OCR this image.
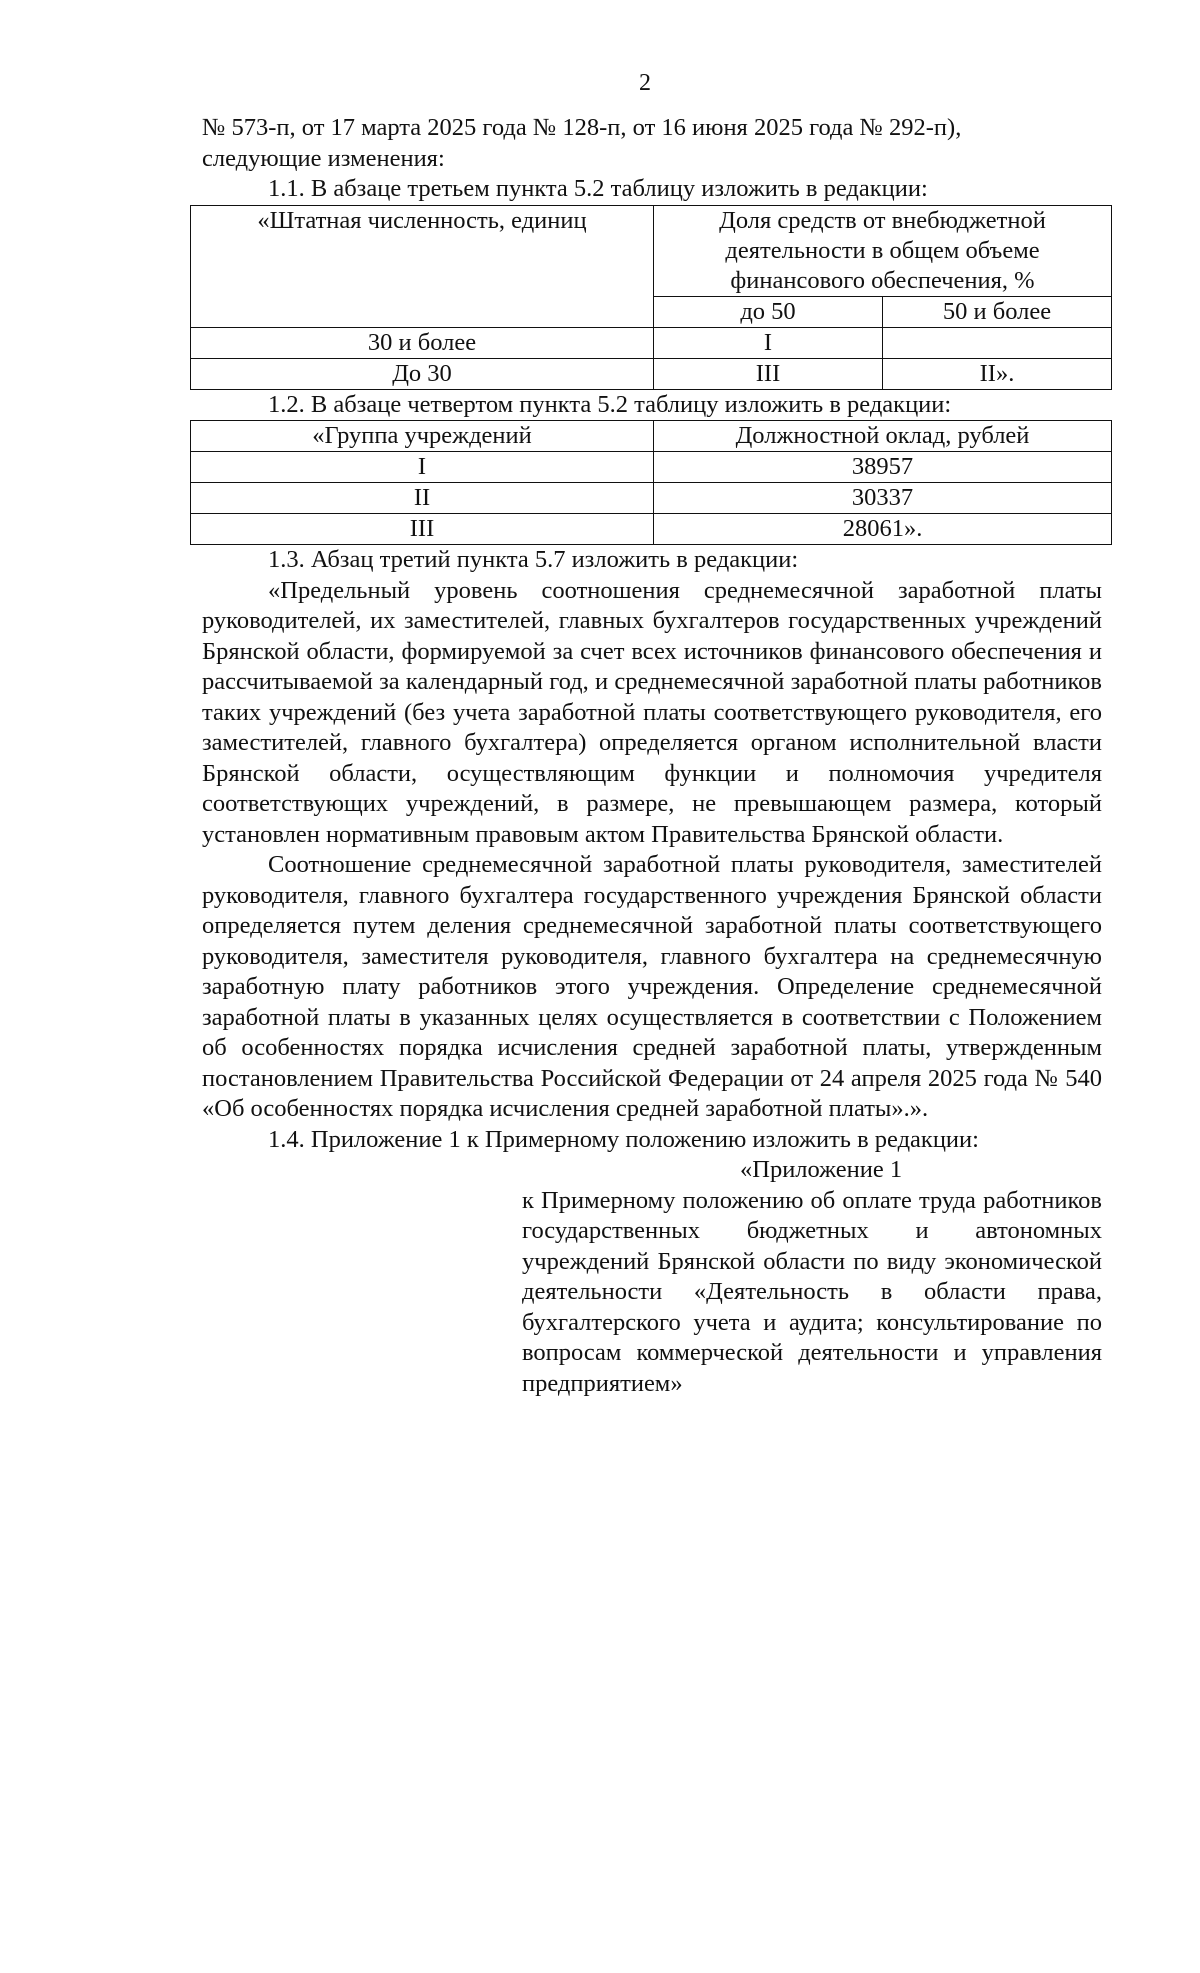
2

№ 573-п, от 17 марта 2025 года № 128-п, от 16 июня 2025 года № 292-п),

следующие изменения:

1.1. В абзаце третьем пункта 5.2 таблицу изложить в редакции:

«Штатная численность, единиц	Доля средств от внебюджетной деятельности в общем объеме финансового обеспечения, %	
	до 50	50 и более
30 и более	I	
До 30	III	II».

1.2. В абзаце четвертом пункта 5.2 таблицу изложить в редакции:

«Группа учреждений	Должностной оклад, рублей
I	38957
II	30337
III	28061».

1.3. Абзац третий пункта 5.7 изложить в редакции:

«Предельный уровень соотношения среднемесячной заработной платы руководителей, их заместителей, главных бухгалтеров государственных учреждений Брянской области, формируемой за счет всех источников финансового обеспечения и рассчитываемой за календарный год, и среднемесячной заработной платы работников таких учреждений (без учета заработной платы соответствующего руководителя, его заместителей, главного бухгалтера) определяется органом исполнительной власти Брянской области, осуществляющим функции и полномочия учредителя соответствующих учреждений, в размере, не превышающем размера, который установлен нормативным правовым актом Правительства Брянской области.

Соотношение среднемесячной заработной платы руководителя, заместителей руководителя, главного бухгалтера государственного учреждения Брянской области определяется путем деления среднемесячной заработной платы соответствующего руководителя, заместителя руководителя, главного бухгалтера на среднемесячную заработную плату работников этого учреждения. Определение среднемесячной заработной платы в указанных целях осуществляется в соответствии с Положением об особенностях порядка исчисления средней заработной платы, утвержденным постановлением Правительства Российской Федерации от 24 апреля 2025 года № 540 «Об особенностях порядка исчисления средней заработной платы».».

1.4. Приложение 1 к Примерному положению изложить в редакции:

«Приложение 1

к Примерному положению об оплате труда работников государственных бюджетных и автономных учреждений Брянской области по виду экономической деятельности «Деятельность в области права, бухгалтерского учета и аудита; консультирование по вопросам коммерческой деятельности и управления предприятием»
